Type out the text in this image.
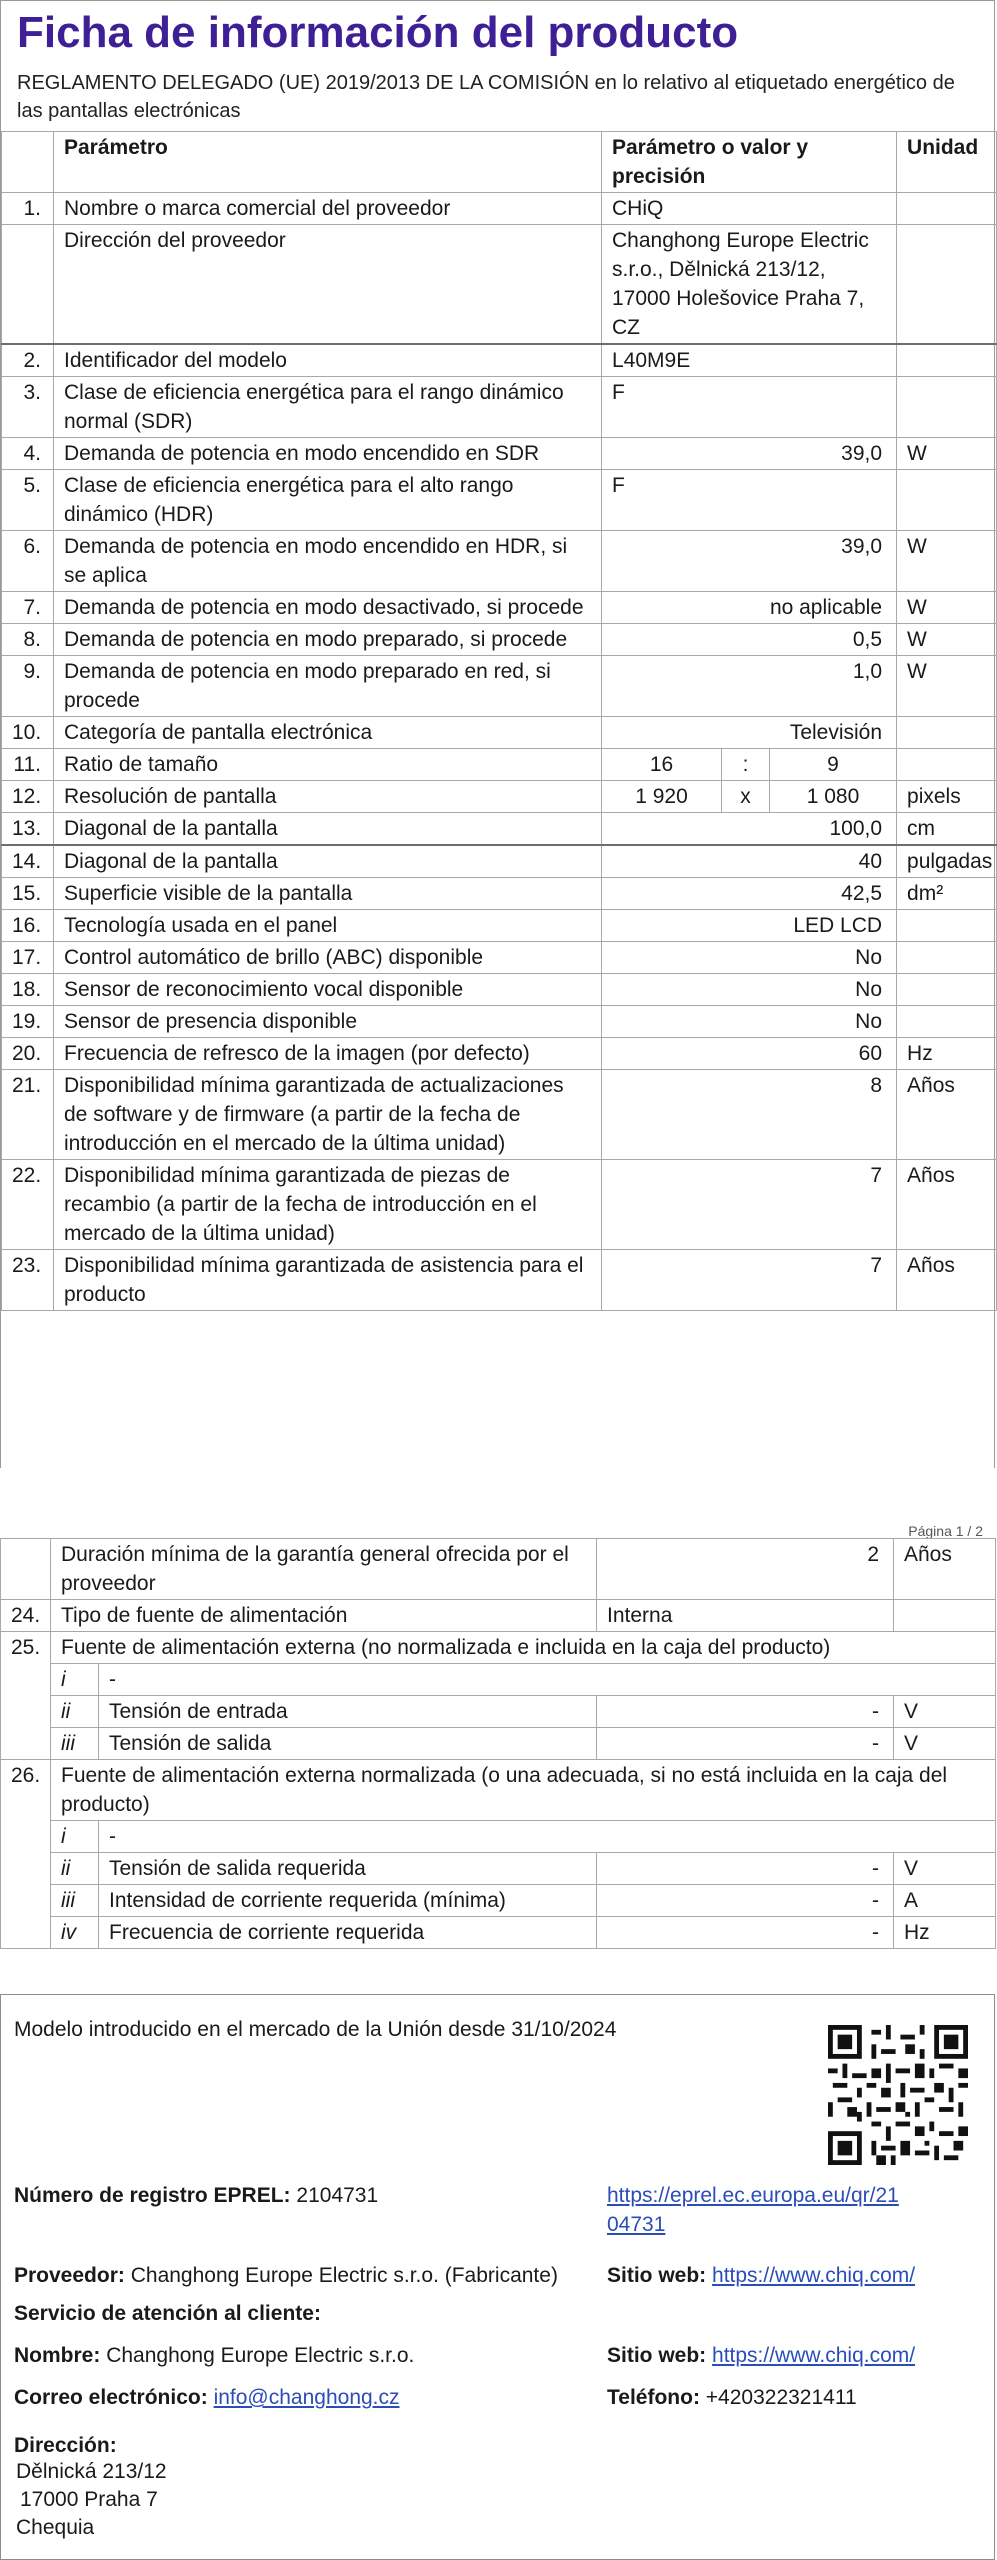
Ficha de información del producto
REGLAMENTO DELEGADO (UE) 2019/2013 DE LA COMISIÓN en lo relativo al etiquetado energético de las pantallas electrónicas
	Parámetro	Parámetro o valor y precisión			Unidad
1.	Nombre o marca comercial del proveedor	CHiQ			
	Dirección del proveedor	Changhong Europe Electric s.r.o., Dělnická 213/12, 17000 Holešovice Praha 7, CZ			
2.	Identificador del modelo	L40M9E			
3.	Clase de eficiencia energética para el rango dinámico normal (SDR)	F			
4.	Demanda de potencia en modo encendido en SDR	39,0			W
5.	Clase de eficiencia energética para el alto rango dinámico (HDR)	F			
6.	Demanda de potencia en modo encendido en HDR, si se aplica	39,0			W
7.	Demanda de potencia en modo desactivado, si procede	no aplicable			W
8.	Demanda de potencia en modo preparado, si procede	0,5			W
9.	Demanda de potencia en modo preparado en red, si procede	1,0			W
10.	Categoría de pantalla electrónica	Televisión			
11.	Ratio de tamaño	16	:	9	
12.	Resolución de pantalla	1 920	x	1 080	pixels
13.	Diagonal de la pantalla	100,0			cm
14.	Diagonal de la pantalla	40			pulgadas
15.	Superficie visible de la pantalla	42,5			dm²
16.	Tecnología usada en el panel	LED LCD			
17.	Control automático de brillo (ABC) disponible	No			
18.	Sensor de reconocimiento vocal disponible	No			
19.	Sensor de presencia disponible	No			
20.	Frecuencia de refresco de la imagen (por defecto)	60			Hz
21.	Disponibilidad mínima garantizada de actualizaciones de software y de firmware (a partir de la fecha de introducción en el mercado de la última unidad)	8			Años
22.	Disponibilidad mínima garantizada de piezas de recambio (a partir de la fecha de introducción en el mercado de la última unidad)	7			Años
23.	Disponibilidad mínima garantizada de asistencia para el producto	7			Años
Página 1 / 2
	Duración mínima de la garantía general ofrecida por el proveedor		2	Años
24.	Tipo de fuente de alimentación		Interna	
25.	Fuente de alimentación externa (no normalizada e incluida en la caja del producto)			
	i	-		
	ii	Tensión de entrada	-	V
	iii	Tensión de salida	-	V
26.	Fuente de alimentación externa normalizada (o una adecuada, si no está incluida en la caja del producto)			
	i	-		
	ii	Tensión de salida requerida	-	V
	iii	Intensidad de corriente requerida (mínima)	-	A
	iv	Frecuencia de corriente requerida	-	Hz
Modelo introducido en el mercado de la Unión desde 31/10/2024
Número de registro EPREL: 2104731	https://eprel.ec.europa.eu/qr/21
04731
Proveedor: Changhong Europe Electric s.r.o. (Fabricante)	Sitio web: https://www.chiq.com/
Servicio de atención al cliente:
Nombre: Changhong Europe Electric s.r.o.	Sitio web: https://www.chiq.com/
Correo electrónico: info@changhong.cz	Teléfono: +420322321411
Dirección:
Dělnická 213/12
17000 Praha 7
Chequia
